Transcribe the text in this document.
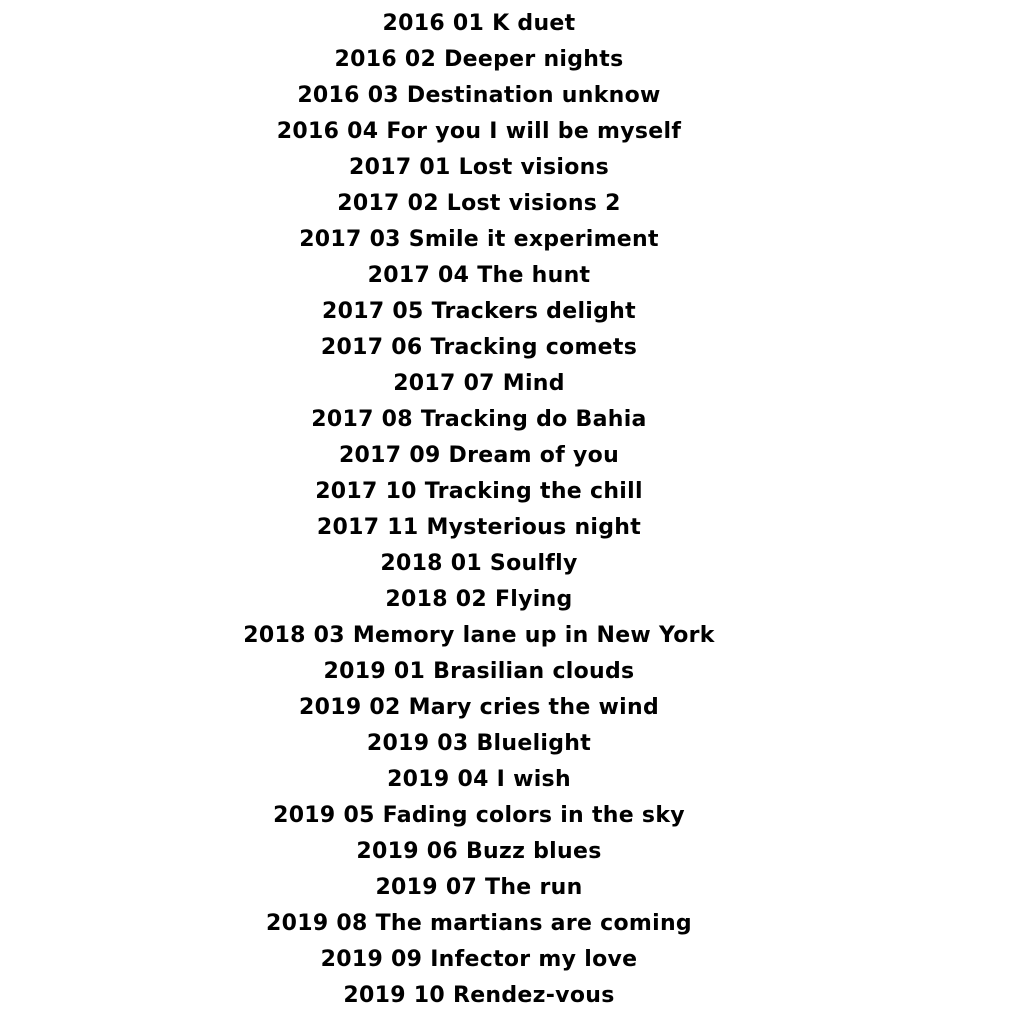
2016 01 K duet
2016 02 Deeper nights
2016 03 Destination unknow
2016 04 For you I will be myself
2017 01 Lost visions
2017 02 Lost visions 2
2017 03 Smile it experiment
2017 04 The hunt
2017 05 Trackers delight
2017 06 Tracking comets
2017 07 Mind
2017 08 Tracking do Bahia
2017 09 Dream of you
2017 10 Tracking the chill
2017 11 Mysterious night
2018 01 Soulfly
2018 02 Flying
2018 03 Memory lane up in New York
2019 01 Brasilian clouds
2019 02 Mary cries the wind
2019 03 Bluelight
2019 04 I wish
2019 05 Fading colors in the sky
2019 06 Buzz blues
2019 07 The run
2019 08 The martians are coming
2019 09 Infector my love
2019 10 Rendez-vous
